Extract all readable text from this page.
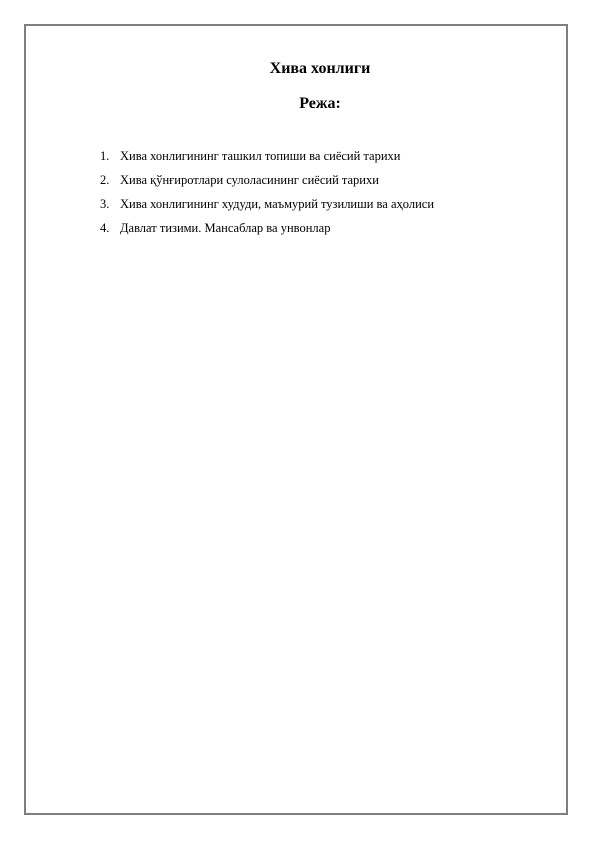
Хива хонлиги
Режа:
1. Хива хонлигининг ташкил топиши ва сиёсий тарихи
2. Хива қўнғиротлари сулоласининг сиёсий тарихи
3. Хива хонлигининг худуди, маъмурий тузилиши ва аҳолиси
4. Давлат тизими. Мансаблар ва унвонлар
